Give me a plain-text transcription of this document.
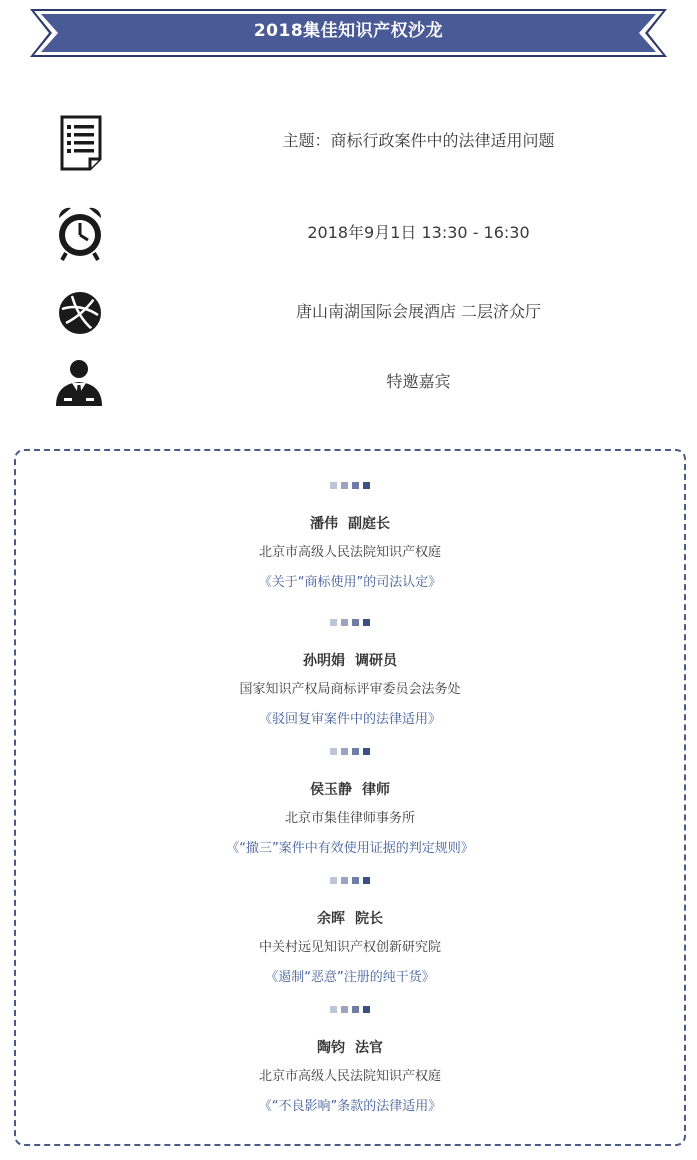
2018集佳知识产权沙龙
主题：商标行政案件中的法律适用问题
2018年9月1日 13:30 - 16:30
唐山南湖国际会展酒店 二层济众厅
特邀嘉宾
潘伟 副庭长
北京市高级人民法院知识产权庭
《关于“商标使用”的司法认定》
孙明娟 调研员
国家知识产权局商标评审委员会法务处
《驳回复审案件中的法律适用》
侯玉静 律师
北京市集佳律师事务所
《“撤三”案件中有效使用证据的判定规则》
余晖 院长
中关村远见知识产权创新研究院
《遏制“恶意”注册的纯干货》
陶钧 法官
北京市高级人民法院知识产权庭
《“不良影响”条款的法律适用》
